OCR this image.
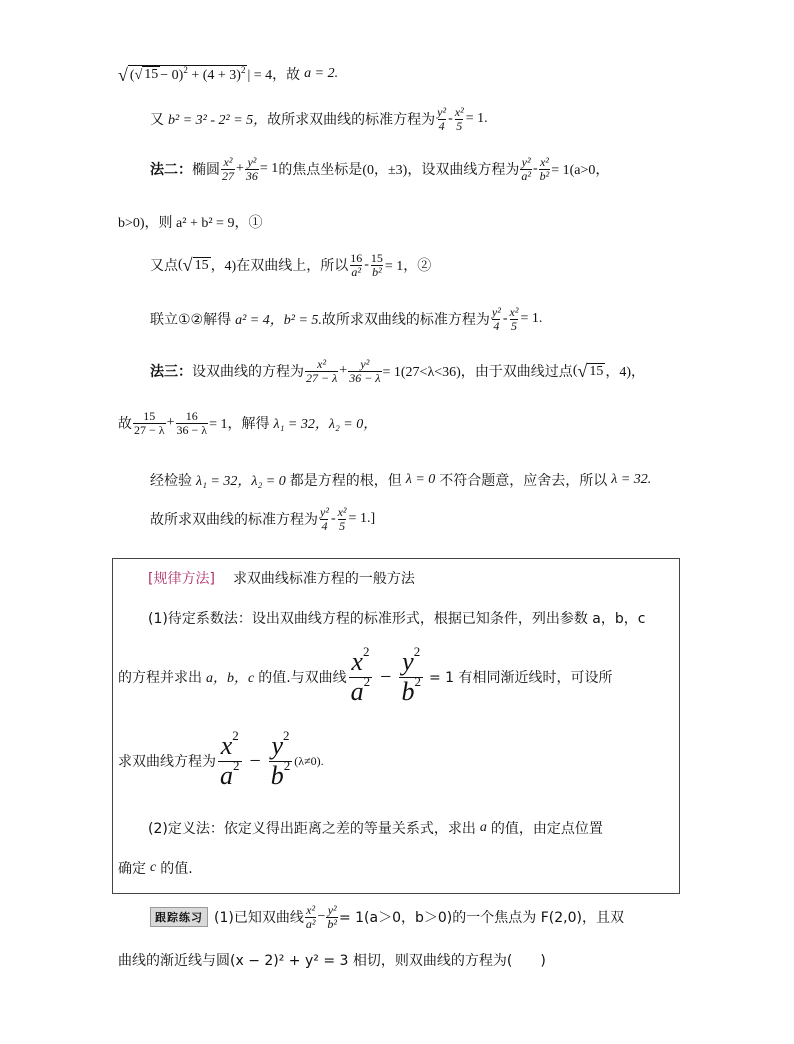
√ ( √ $15 - 0)^2 + (4 + 3)^2$ | = 4， 故 a = 2.
又 b² = 3² - 2² = 5， 故所求双曲线的标准方程为 $\frac{\text{y²}}{4} - \frac{\text{x²}}{5} = 1$.
法二： 椭圆 $\frac{\text{x²}}{27} + \frac{\text{y²}}{36} = 1$ 的焦点坐标是 (0，±3)， 设双曲线方程为 $\frac{\text{y²}}{\text{a²}} - \frac{\text{x²}}{\text{b²}} = 1(a>0$，
b>0)，则 a² + b² = 9，①
又点 ( √ 15 ，4) 在双曲线上，所以 $\frac{16}{\text{a²}} - \frac{15}{\text{b²}} = 1$，②
联立①②解得 a² = 4，b² = 5. 故所求双曲线的标准方程为 $\frac{\text{y²}}{4} - \frac{\text{x²}}{5} = 1$.
法三： 设双曲线的方程为 $\frac{\text{x²}}{27 - \lambda} + \frac{\text{y²}}{36 - \lambda} = 1(27<\lambda<36)$， 由于双曲线过点 ( √ 15 ，4)，
故 $\frac{15}{27 - \lambda} + \frac{16}{36 - \lambda} = 1$， 解得 λ₁ = 32，λ₂ = 0，
经检验 λ₁ = 32，λ₂ = 0 都是方程的根，但 λ = 0 不符合题意，应舍去，所以 λ = 32.
故所求双曲线的标准方程为 $\frac{\text{y²}}{4} - \frac{\text{x²}}{5} = 1$.]
[规律方法] 求双曲线标准方程的一般方法
(1)待定系数法：设出双曲线方程的标准形式，根据已知条件，列出参数 a，b，c
的方程并求出 a，b，c 的值.与双曲线 $\frac{x^2}{a^2} - \frac{y^2}{b^2} = 1$ 有相同渐近线时，可设所
求双曲线方程为 $\frac{x^2}{a^2} - \frac{y^2}{b^2} (\lambda\ne 0)$.
(2)定义法：依定义得出距离之差的等量关系式，求出 a 的值，由定点位置
确定 c 的值.
跟踪练习 (1)已知双曲线 $\frac{\text{x²}}{\text{a²}} - \frac{\text{y²}}{\text{b²}} = 1(a>0$，b＞0)的一个焦点为 F(2,0)，且双
曲线的渐近线与圆(x − 2)² + y² = 3 相切，则双曲线的方程为(　　)
